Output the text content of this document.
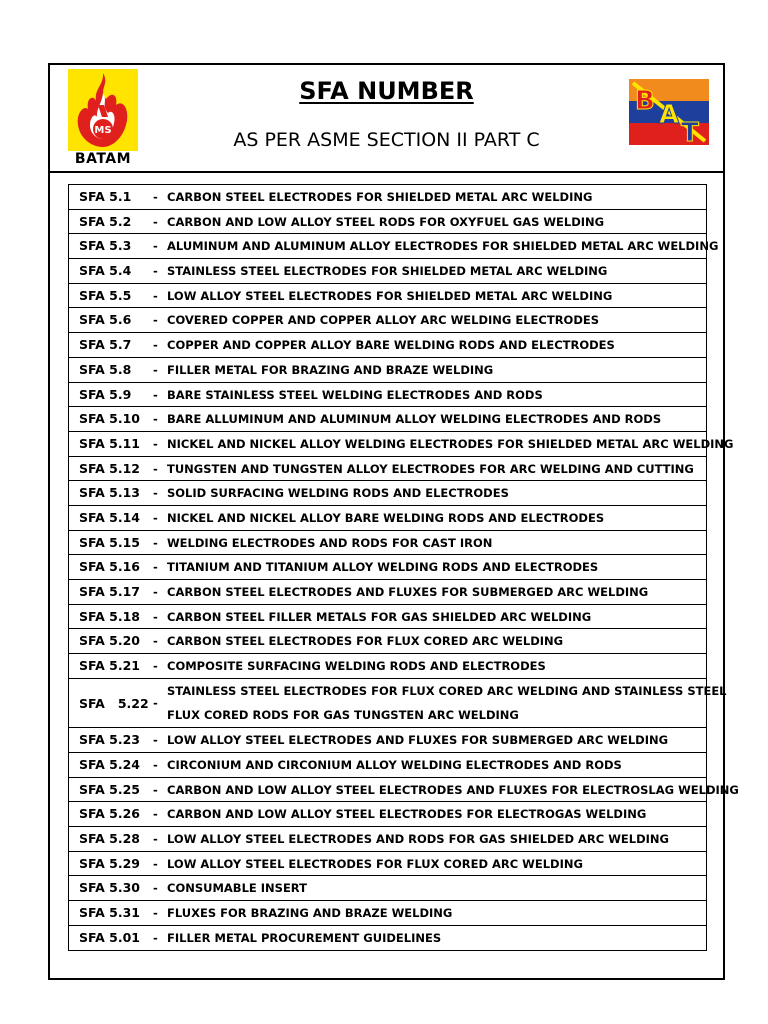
MS
BATAM
SFA NUMBER
AS PER ASME SECTION II PART C
B A
T
SFA 5.1 - CARBON STEEL ELECTRODES FOR SHIELDED METAL ARC WELDING
SFA 5.2 - CARBON AND LOW ALLOY STEEL RODS FOR OXYFUEL GAS WELDING
SFA 5.3 - ALUMINUM AND ALUMINUM ALLOY ELECTRODES FOR SHIELDED METAL ARC WELDING
SFA 5.4 - STAINLESS STEEL ELECTRODES FOR SHIELDED METAL ARC WELDING
SFA 5.5 - LOW ALLOY STEEL ELECTRODES FOR SHIELDED METAL ARC WELDING
SFA 5.6 - COVERED COPPER AND COPPER ALLOY ARC WELDING ELECTRODES
SFA 5.7 - COPPER AND COPPER ALLOY BARE WELDING RODS AND ELECTRODES
SFA 5.8 - FILLER METAL FOR BRAZING AND BRAZE WELDING
SFA 5.9 - BARE STAINLESS STEEL WELDING ELECTRODES AND RODS
SFA 5.10 - BARE ALLUMINUM AND ALUMINUM ALLOY WELDING ELECTRODES AND RODS
SFA 5.11 - NICKEL AND NICKEL ALLOY WELDING ELECTRODES FOR SHIELDED METAL ARC WELDING
SFA 5.12 - TUNGSTEN AND TUNGSTEN ALLOY ELECTRODES FOR ARC WELDING AND CUTTING
SFA 5.13 - SOLID SURFACING WELDING RODS AND ELECTRODES
SFA 5.14 - NICKEL AND NICKEL ALLOY BARE WELDING RODS AND ELECTRODES
SFA 5.15 - WELDING ELECTRODES AND RODS FOR CAST IRON
SFA 5.16 - TITANIUM AND TITANIUM ALLOY WELDING RODS AND ELECTRODES
SFA 5.17 - CARBON STEEL ELECTRODES AND FLUXES FOR SUBMERGED ARC WELDING
SFA 5.18 - CARBON STEEL FILLER METALS FOR GAS SHIELDED ARC WELDING
SFA 5.20 - CARBON STEEL ELECTRODES FOR FLUX CORED ARC WELDING
SFA 5.21 - COMPOSITE SURFACING WELDING RODS AND ELECTRODES
SFA   5.22 -
STAINLESS STEEL ELECTRODES FOR FLUX CORED ARC WELDING AND STAINLESS STEEL
FLUX CORED RODS FOR GAS TUNGSTEN ARC WELDING
SFA 5.23 - LOW ALLOY STEEL ELECTRODES AND FLUXES FOR SUBMERGED ARC WELDING
SFA 5.24 - CIRCONIUM AND CIRCONIUM ALLOY WELDING ELECTRODES AND RODS
SFA 5.25 - CARBON AND LOW ALLOY STEEL ELECTRODES AND FLUXES FOR ELECTROSLAG WELDING
SFA 5.26 - CARBON AND LOW ALLOY STEEL ELECTRODES FOR ELECTROGAS WELDING
SFA 5.28 - LOW ALLOY STEEL ELECTRODES AND RODS FOR GAS SHIELDED ARC WELDING
SFA 5.29 - LOW ALLOY STEEL ELECTRODES FOR FLUX CORED ARC WELDING
SFA 5.30 - CONSUMABLE INSERT
SFA 5.31 - FLUXES FOR BRAZING AND BRAZE WELDING
SFA 5.01 - FILLER METAL PROCUREMENT GUIDELINES
